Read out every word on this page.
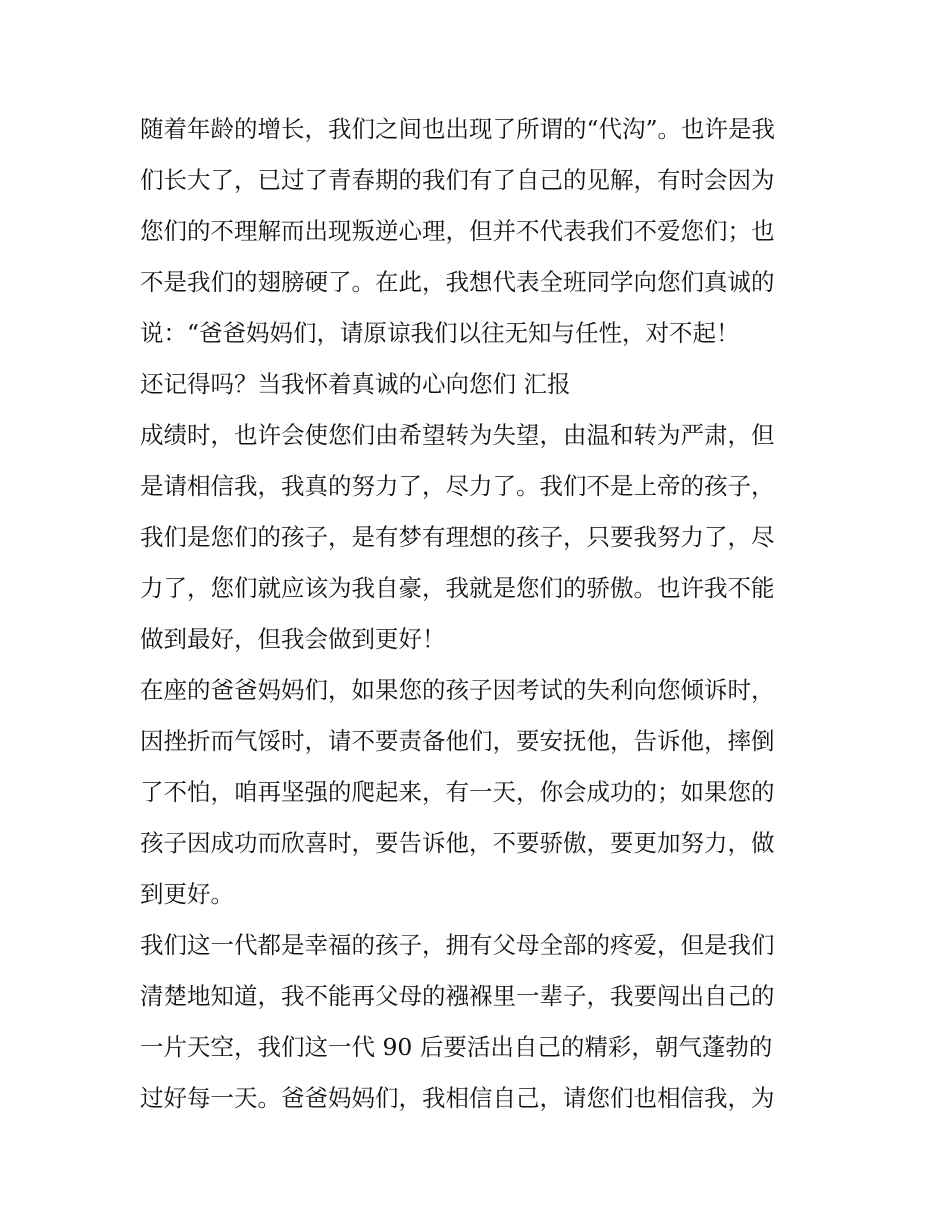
随着年龄的增长，我们之间也出现了所谓的“代沟”。也许是我
们长大了，已过了青春期的我们有了自己的见解，有时会因为
您们的不理解而出现叛逆心理，但并不代表我们不爱您们；也
不是我们的翅膀硬了。在此，我想代表全班同学向您们真诚的
说：“爸爸妈妈们，请原谅我们以往无知与任性，对不起！
还记得吗？当我怀着真诚的心向您们 汇报
成绩时，也许会使您们由希望转为失望，由温和转为严肃，但
是请相信我，我真的努力了，尽力了。我们不是上帝的孩子，
我们是您们的孩子，是有梦有理想的孩子，只要我努力了，尽
力了，您们就应该为我自豪，我就是您们的骄傲。也许我不能
做到最好，但我会做到更好！
在座的爸爸妈妈们，如果您的孩子因考试的失利向您倾诉时，
因挫折而气馁时，请不要责备他们，要安抚他，告诉他，摔倒
了不怕，咱再坚强的爬起来，有一天，你会成功的；如果您的
孩子因成功而欣喜时，要告诉他，不要骄傲，要更加努力，做
到更好。
我们这一代都是幸福的孩子，拥有父母全部的疼爱，但是我们
清楚地知道，我不能再父母的襁褓里一辈子，我要闯出自己的
一片天空，我们这一代 90 后要活出自己的精彩，朝气蓬勃的
过好每一天。爸爸妈妈们，我相信自己，请您们也相信我，为
